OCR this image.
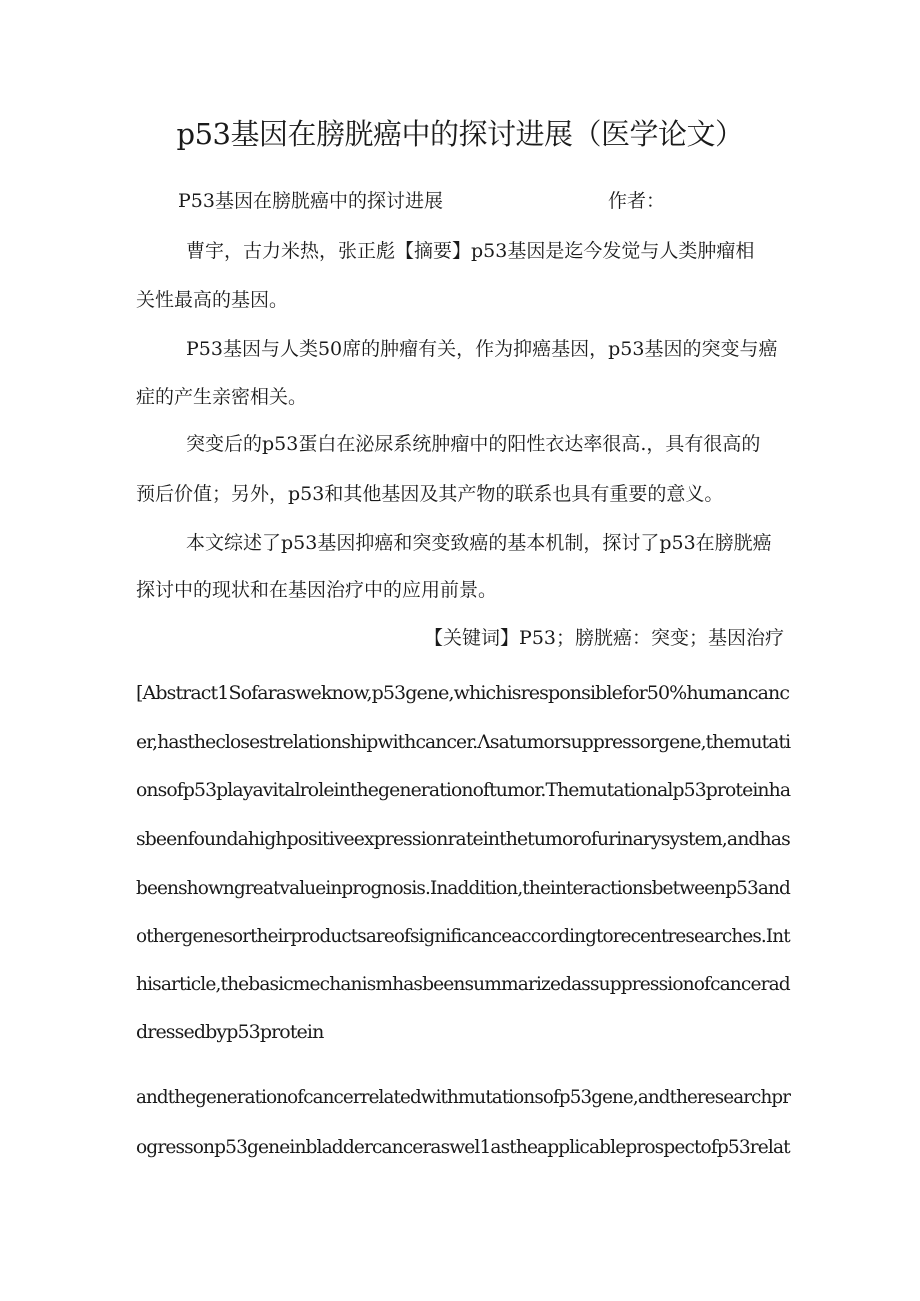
p53基因在膀胱癌中的探讨进展（医学论文）
P53基因在膀胱癌中的探讨进展	作者：

曹宇，古力米热，张正彪【摘要】p53基因是迄今发觉与人类肿瘤相

关性最高的基因。

P53基因与人类50席的肿瘤有关，作为抑癌基因，p53基因的突变与癌

症的产生亲密相关。

突变后的p53蛋白在泌尿系统肿瘤中的阳性衣达率很高.，具有很高的

预后价值；另外，p53和其他基因及其产物的联系也具有重要的意义。

本文综述了p53基因抑癌和突变致癌的基本机制，探讨了p53在膀胱癌

探讨中的现状和在基因治疗中的应用前景。

【关键词】P53；膀胱癌：突变；基因治疗

[Abstract1Sofarasweknow,p53gene,whichisresponsiblefor50%humancanc

er,hastheclosestrelationshipwithcancer.Λsatumorsuppressorgene,themutati

onsofp53playavitalroleinthegenerationoftumor.Themutationalp53proteinha

sbeenfoundahighpositiveexpressionrateinthetumorofurinarysystem,andhas

beenshowngreatvalueinprognosis.Inaddition,theinteractionsbetweenp53and

othergenesortheirproductsareofsignificanceaccordingtorecentresearches.Int

hisarticle,thebasicmechanismhasbeensummarizedassuppressionofcancerad

dressedbyp53protein

andthegenerationofcancerrelatedwithmutationsofp53gene,andtheresearchpr

ogressonp53geneinbladdercanceraswel1astheapplicableprospectofp53relat
